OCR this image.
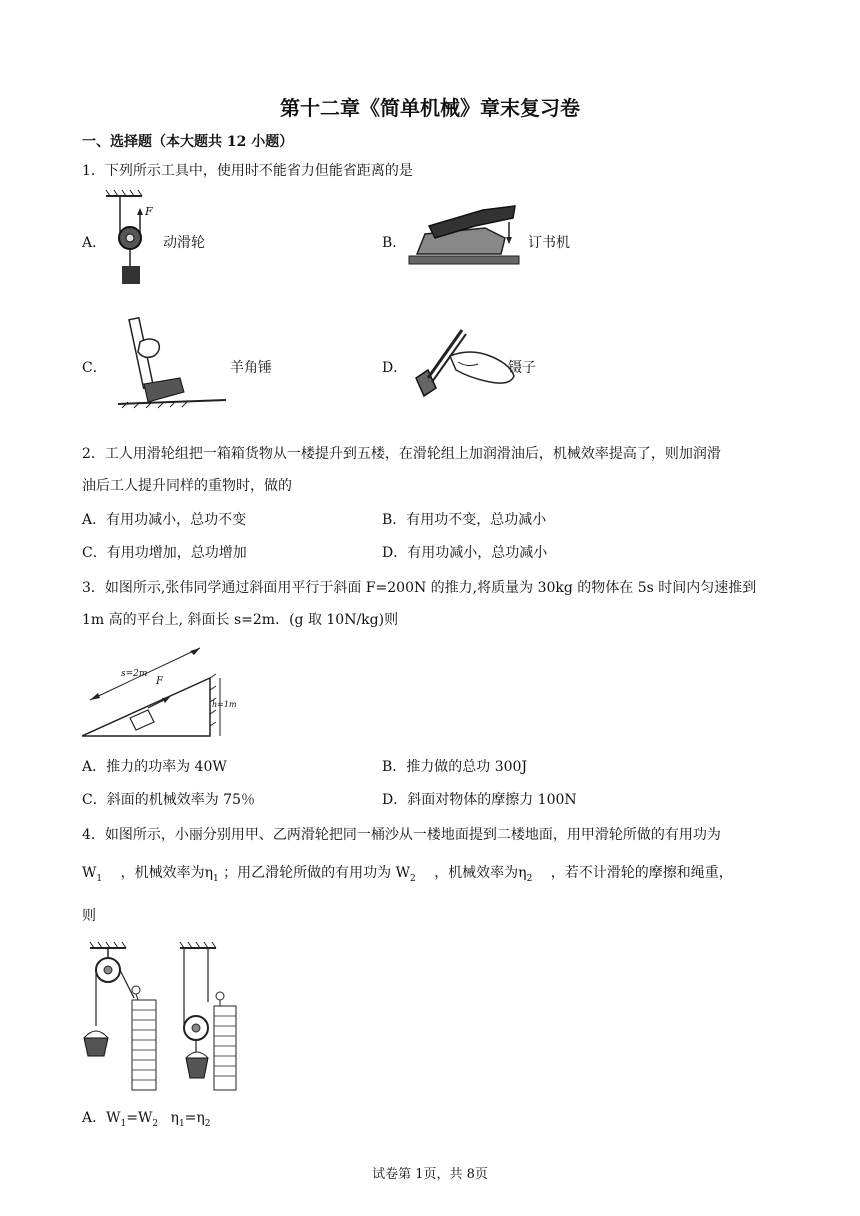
第十二章《简单机械》章末复习卷
一、选择题（本大题共 12 小题）
1．下列所示工具中，使用时不能省力但能省距离的是
A．
F
动滑轮	B．	订书机
C．	羊角锤	D．	镊子
2．工人用滑轮组把一箱箱货物从一楼提升到五楼，在滑轮组上加润滑油后，机械效率提高了，则加润滑
油后工人提升同样的重物时，做的
A．有用功减小，总功不变	B．有用功不变，总功减小
C．有用功增加，总功增加	D．有用功减小，总功减小
3．如图所示,张伟同学通过斜面用平行于斜面 F=200N 的推力,将质量为 30kg 的物体在 5s 时间内匀速推到
1m 高的平台上, 斜面长 s=2m．(g 取 10N/kg)则
s=2m
F
h=1m
A．推力的功率为 40W	B．推力做的总功 300J
C．斜面的机械效率为 75％	D．斜面对物体的摩擦力 100N
4．如图所示，小丽分别用甲、乙两滑轮把同一桶沙从一楼地面提到二楼地面，用甲滑轮所做的有用功为
$W_1$ ，机械效率为$\eta_1$ ；用乙滑轮所做的有用功为 $W_2$ ，机械效率为$\eta_2$ ，若不计滑轮的摩擦和绳重，
则
A．$W_1=W_2$ $\eta_1=\eta_2$
试卷第 1页，共 8页
